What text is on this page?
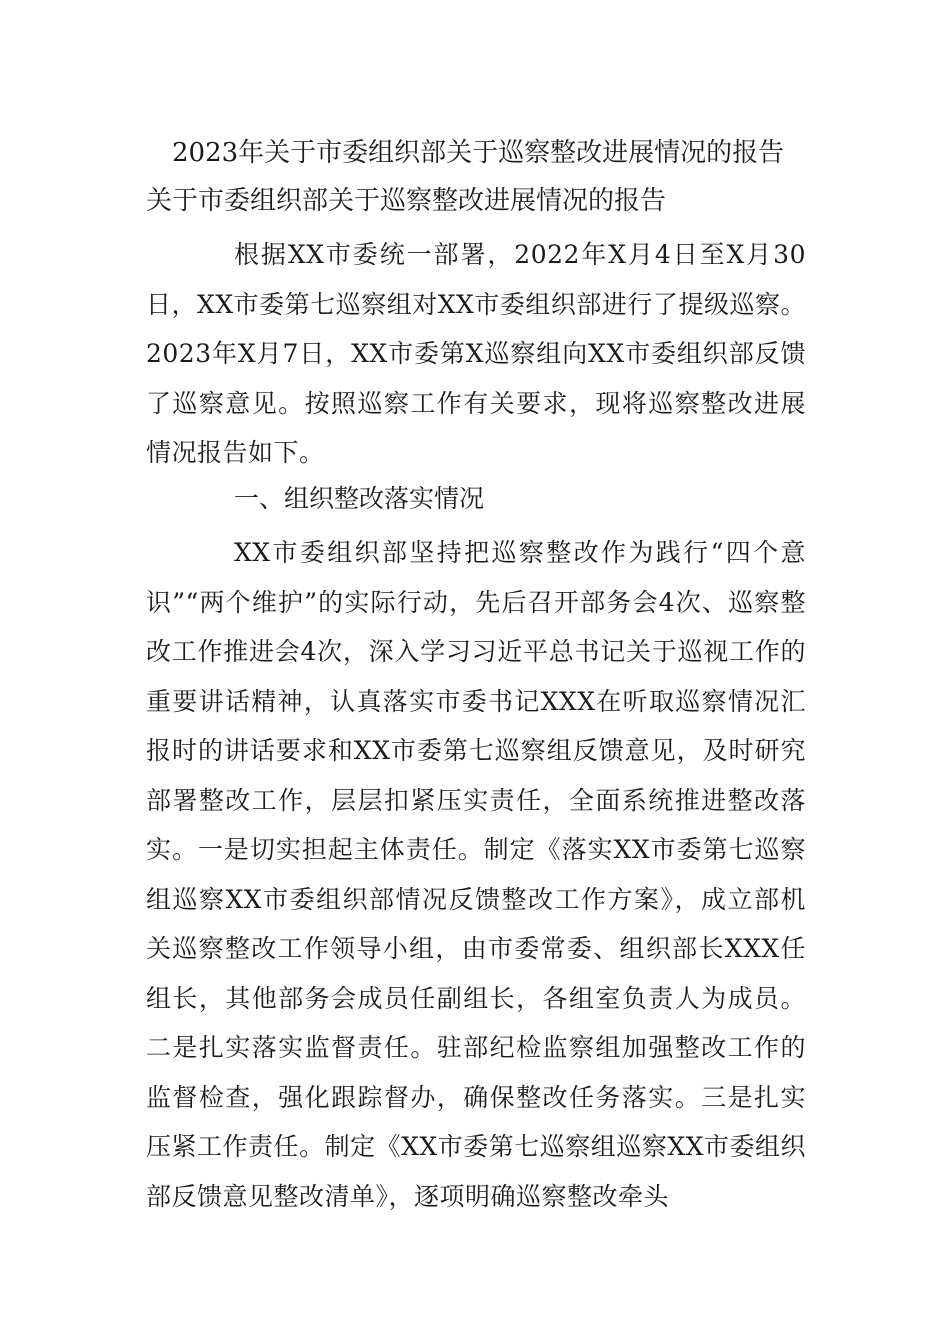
2023年关于市委组织部关于巡察整改进展情况的报告
关于市委组织部关于巡察整改进展情况的报告

根据XX市委统一部署，2022年X月4日至X月30日，XX市委第七巡察组对XX市委组织部进行了提级巡察。2023年X月7日，XX市委第X巡察组向XX市委组织部反馈了巡察意见。按照巡察工作有关要求，现将巡察整改进展情况报告如下。

一、组织整改落实情况

XX市委组织部坚持把巡察整改作为践行“四个意识”“两个维护”的实际行动，先后召开部务会4次、巡察整改工作推进会4次，深入学习习近平总书记关于巡视工作的重要讲话精神，认真落实市委书记XXX在听取巡察情况汇报时的讲话要求和XX市委第七巡察组反馈意见，及时研究部署整改工作，层层扣紧压实责任，全面系统推进整改落实。一是切实担起主体责任。制定《落实XX市委第七巡察组巡察XX市委组织部情况反馈整改工作方案》，成立部机关巡察整改工作领导小组，由市委常委、组织部长XXX任组长，其他部务会成员任副组长，各组室负责人为成员。二是扎实落实监督责任。驻部纪检监察组加强整改工作的监督检查，强化跟踪督办，确保整改任务落实。三是扎实压紧工作责任。制定《XX市委第七巡察组巡察XX市委组织部反馈意见整改清单》，逐项明确巡察整改牵头
